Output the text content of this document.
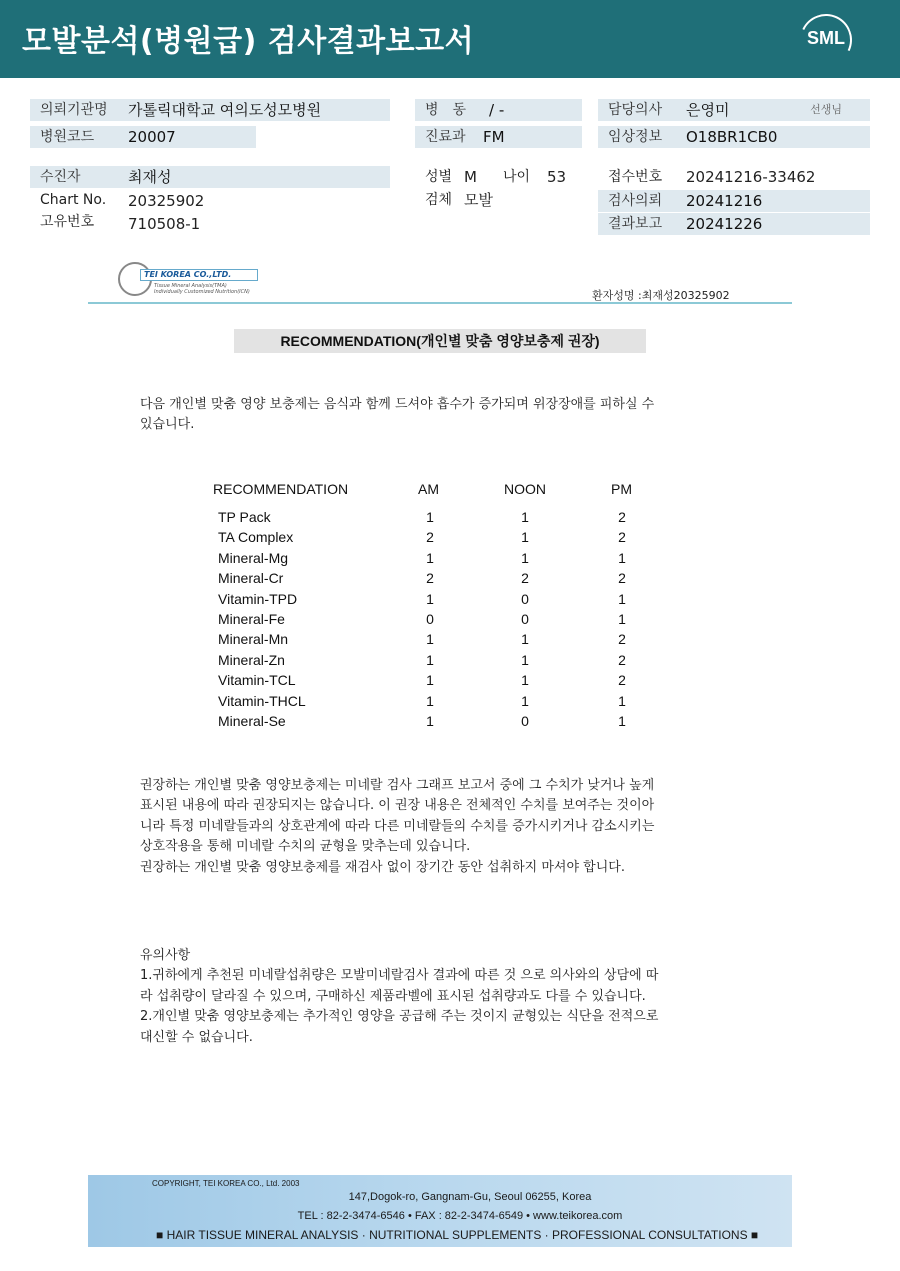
모발분석(병원급) 검사결과보고서	SML
의뢰기관명 가톨릭대학교 여의도성모병원	병　동 / -	담당의사 은영미	선생님
병원코드 20007	진료과 FM	임상정보 O18BR1CB0
수진자	최재성	성별 M 나이 53	접수번호 20241216-33462
Chart No. 20325902	검체 모발	검사의뢰 20241216
고유번호 710508-1	결과보고 20241226
TEI KOREA CO.,LTD.
Tissue Mineral Analysis(TMA)
Individually Customized Nutrition(ICN)	환자성명 :최재성20325902
RECOMMENDATION(개인별 맞춤 영양보충제 권장)
다음 개인별 맞춤 영양 보충제는 음식과 함께 드셔야 흡수가 증가되며 위장장애를 피하실 수
있습니다.
RECOMMENDATION	AM	NOON	PM
TP Pack	1	1	2
TA Complex	2	1	2
Mineral-Mg	1	1	1
Mineral-Cr	2	2	2
Vitamin-TPD	1	0	1
Mineral-Fe	0	0	1
Mineral-Mn	1	1	2
Mineral-Zn	1	1	2
Vitamin-TCL	1	1	2
Vitamin-THCL	1	1	1
Mineral-Se	1	0	1
권장하는 개인별 맞춤 영양보충제는 미네랄 검사 그래프 보고서 중에 그 수치가 낮거나 높게
표시된 내용에 따라 권장되지는 않습니다. 이 권장 내용은 전체적인 수치를 보여주는 것이아
니라 특정 미네랄들과의 상호관계에 따라 다른 미네랄들의 수치를 증가시키거나 감소시키는
상호작용을 통해 미네랄 수치의 균형을 맞추는데 있습니다.
권장하는 개인별 맞춤 영양보충제를 재검사 없이 장기간 동안 섭취하지 마셔야 합니다.
유의사항
1.귀하에게 추천된 미네랄섭취량은 모발미네랄검사 결과에 따른 것 으로 의사와의 상담에 따
라 섭취량이 달라질 수 있으며, 구매하신 제품라벨에 표시된 섭취량과도 다를 수 있습니다.
2.개인별 맞춤 영양보충제는 추가적인 영양을 공급해 주는 것이지 균형있는 식단을 전적으로
대신할 수 없습니다.
COPYRIGHT, TEI KOREA CO., Ltd. 2003
147,Dogok-ro, Gangnam-Gu, Seoul 06255, Korea
TEL : 82-2-3474-6546 • FAX : 82-2-3474-6549 • www.teikorea.com
■ HAIR TISSUE MINERAL ANALYSIS · NUTRITIONAL SUPPLEMENTS · PROFESSIONAL CONSULTATIONS ■
